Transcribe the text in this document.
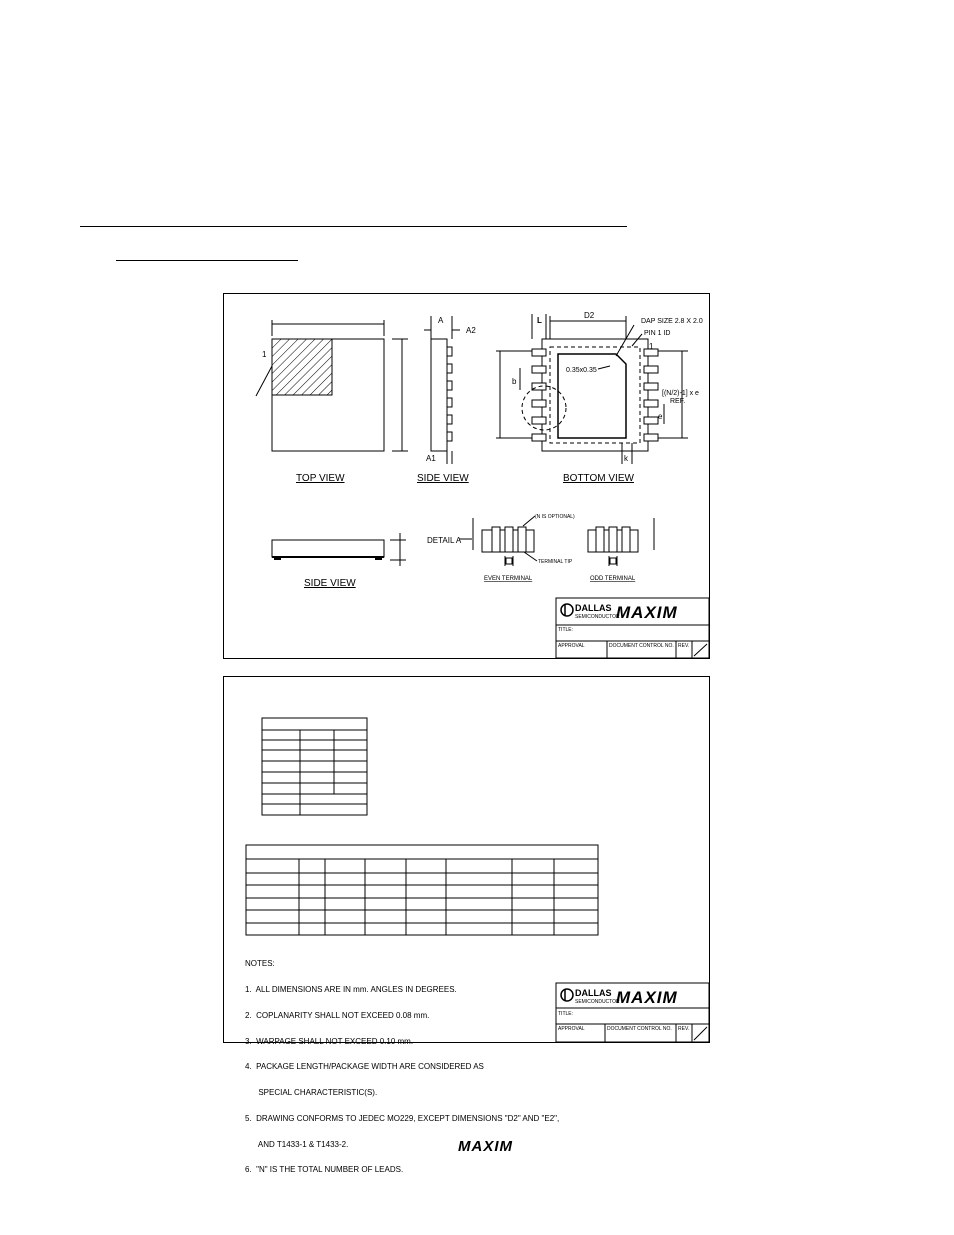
1
TOP VIEW
A
A2
A1
SIDE VIEW
L
D2
DAP SIZE 2.8 X 2.0
PIN 1 ID
1
0.35x0.35
b
[(N/2)-1] x e
REF.
e
k
BOTTOM VIEW
SIDE VIEW
DETAIL A
(N IS OPTIONAL)
TERMINAL TIP
EVEN TERMINAL	ODD TERMINAL
DALLAS
SEMICONDUCTOR
MAXIM
TITLE:
APPROVAL	DOCUMENT CONTROL NO. REV.
DALLAS
SEMICONDUCTOR
MAXIM
TITLE:
APPROVAL	DOCUMENT CONTROL NO. REV.

NOTES:

1.  ALL DIMENSIONS ARE IN mm. ANGLES IN DEGREES.

2.  COPLANARITY SHALL NOT EXCEED 0.08 mm.

3.  WARPAGE SHALL NOT EXCEED 0.10 mm.

4.  PACKAGE LENGTH/PACKAGE WIDTH ARE CONSIDERED AS

SPECIAL CHARACTERISTIC(S).

5.  DRAWING CONFORMS TO JEDEC MO229, EXCEPT DIMENSIONS "D2" AND "E2",

AND T1433-1 & T1433-2.

6.  "N" IS THE TOTAL NUMBER OF LEADS.

MAXIM
